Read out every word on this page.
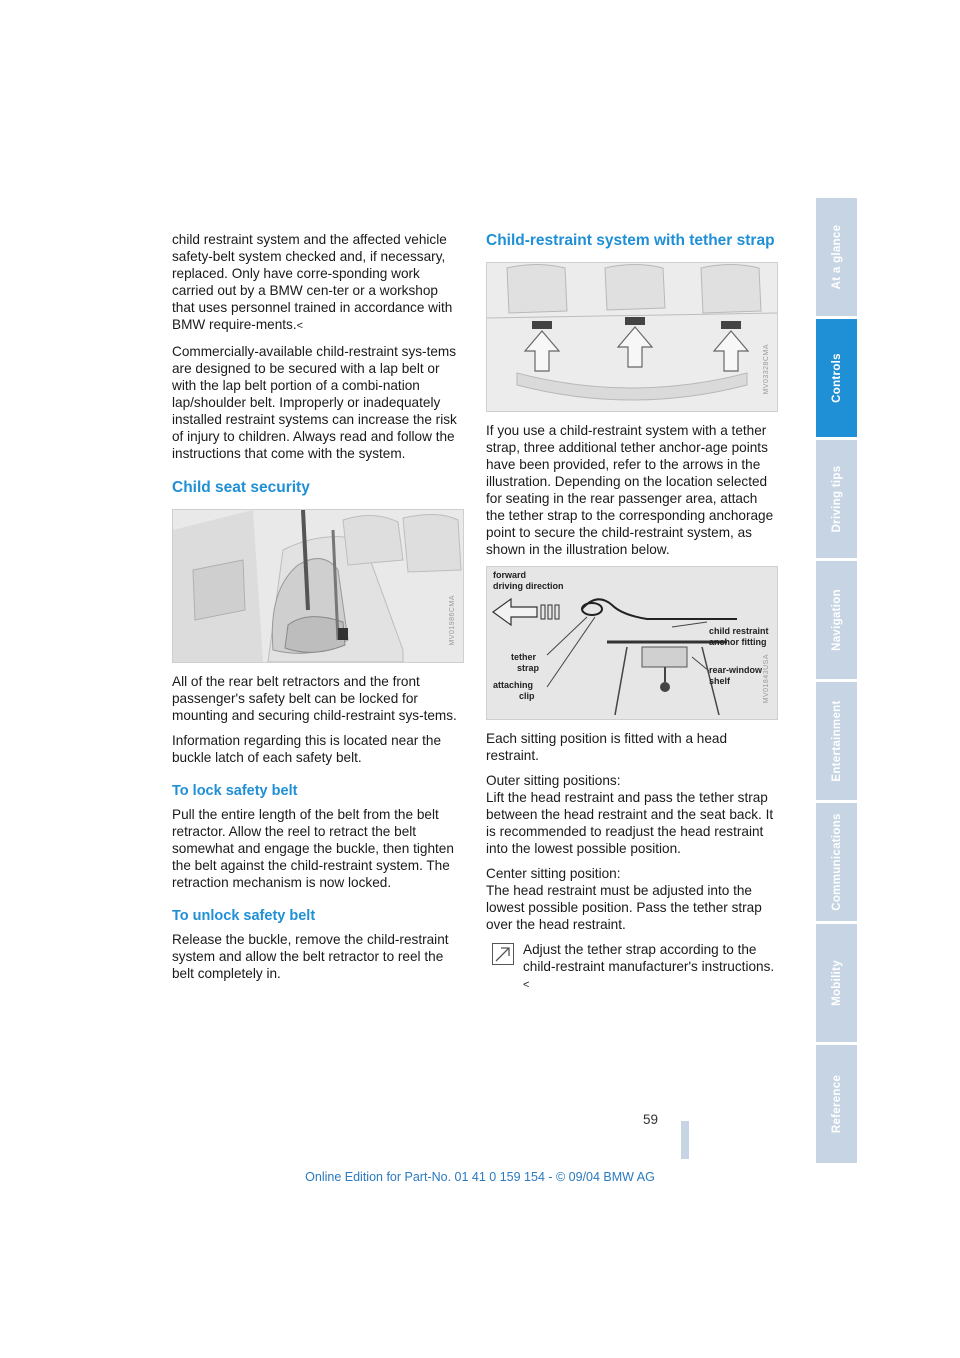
child restraint system and the affected vehicle safety-belt system checked and, if necessary, replaced. Only have corre-sponding work carried out by a BMW cen-ter or a workshop that uses personnel trained in accordance with BMW require-ments.<

Commercially-available child-restraint sys-tems are designed to be secured with a lap belt or with the lap belt portion of a combi-nation lap/shoulder belt. Improperly or inadequately installed restraint systems can increase the risk of injury to children. Always read and follow the instructions that come with the system.

Child seat security
MV01986CMA

All of the rear belt retractors and the front passenger's safety belt can be locked for mounting and securing child-restraint sys-tems.

Information regarding this is located near the buckle latch of each safety belt.

To lock safety belt

Pull the entire length of the belt from the belt retractor. Allow the reel to retract the belt somewhat and engage the buckle, then tighten the belt against the child-restraint system. The retraction mechanism is now locked.

To unlock safety belt

Release the buckle, remove the child-restraint system and allow the belt retractor to reel the belt completely in.

Child-restraint system with tether strap
MV03328CMA

If you use a child-restraint system with a tether strap, three additional tether anchor-age points have been provided, refer to the arrows in the illustration. Depending on the location selected for seating in the rear passenger area, attach the tether strap to the corresponding anchorage point to secure the child-restraint system, as shown in the illustration below.

forward
driving direction
child restraint
anchor fitting
tether
strap
attaching
clip
rear-window
shelf	MV01843USA

Each sitting position is fitted with a head restraint.

Outer sitting positions:
Lift the head restraint and pass the tether strap between the head restraint and the seat back. It is recommended to readjust the head restraint into the lowest possible position.

Center sitting position:
The head restraint must be adjusted into the lowest possible position. Pass the tether strap over the head restraint.

Adjust the tether strap according to the child-restraint manufacturer's instructions.<

At a glance
Controls
Driving tips
Navigation
Entertainment
Communications
Mobility
Reference
59
Online Edition for Part-No. 01 41 0 159 154 - © 09/04 BMW AG
